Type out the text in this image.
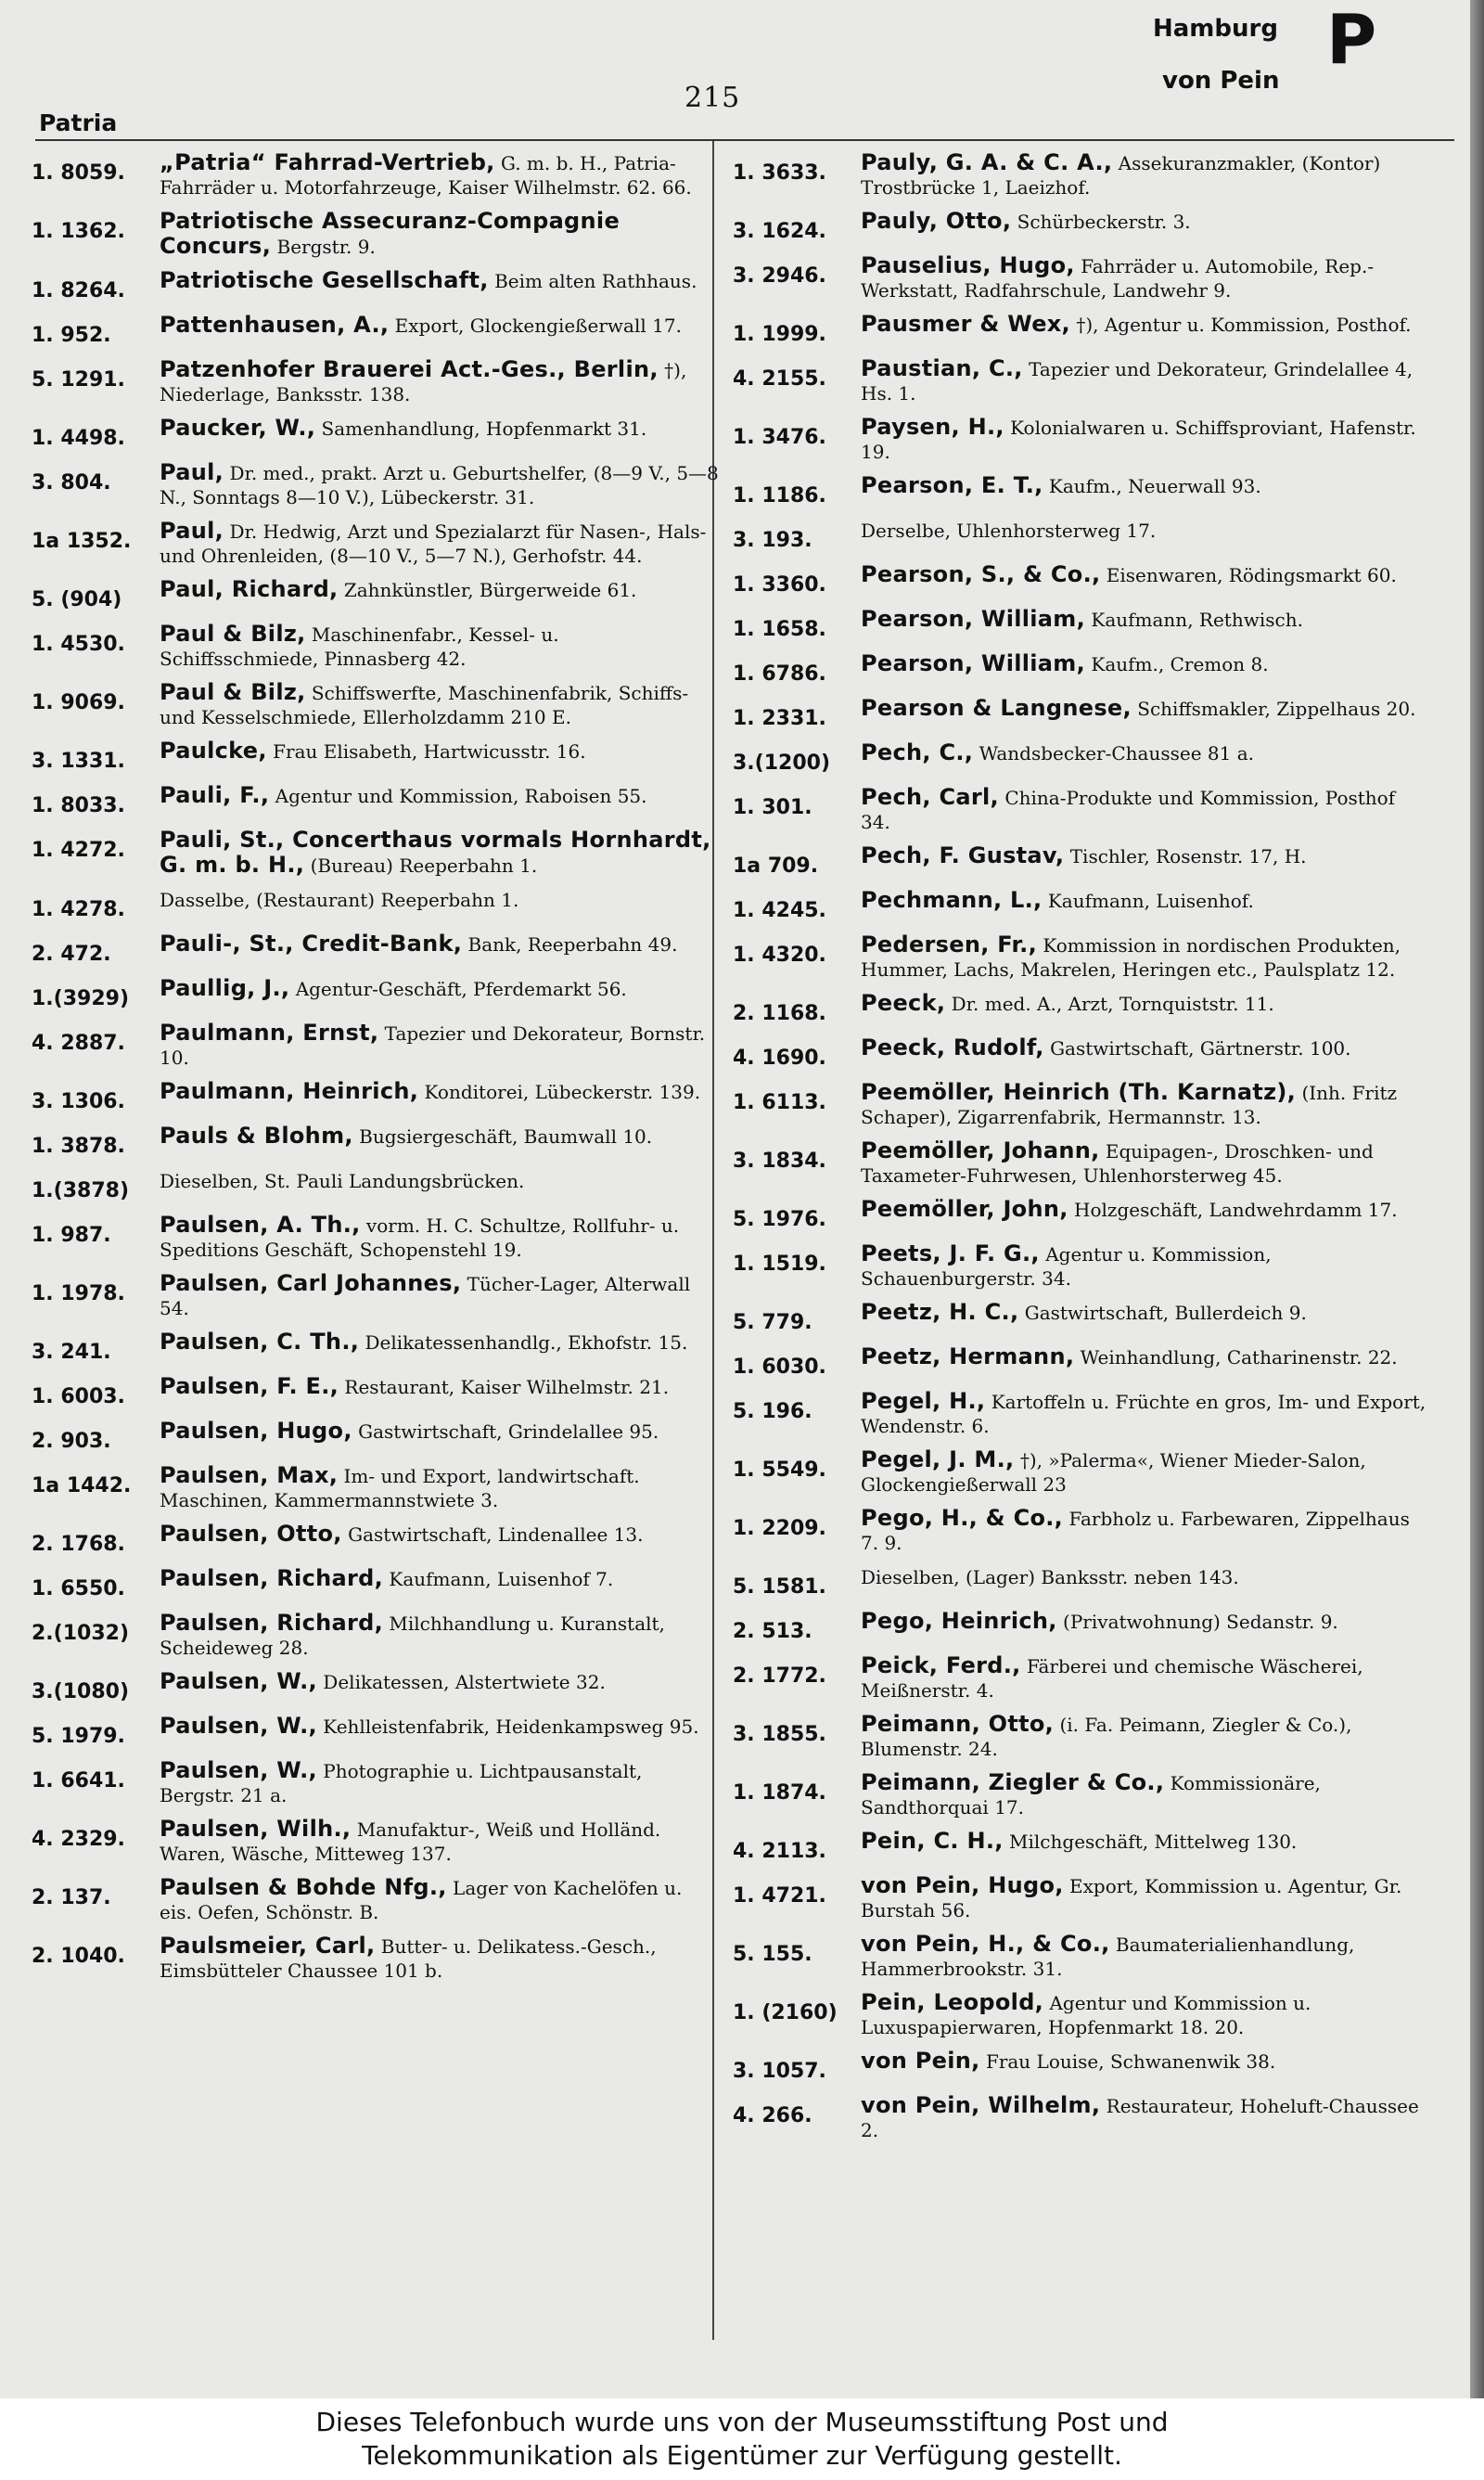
Patria
215
Hamburg
von Pein
P
1. 8059.	„Patria“ Fahrrad-Vertrieb, G. m. b. H., Patria-Fahrräder u. Motorfahrzeuge, Kaiser Wilhelmstr. 62. 66.
1. 1362.	Patriotische Assecuranz-Compagnie Concurs, Bergstr. 9.
1. 8264.	Patriotische Gesellschaft, Beim alten Rathhaus.
1. 952.	Pattenhausen, A., Export, Glockengießerwall 17.
5. 1291.	Patzenhofer Brauerei Act.-Ges., Berlin, †), Niederlage, Banksstr. 138.
1. 4498.	Paucker, W., Samenhandlung, Hopfenmarkt 31.
3. 804.	Paul, Dr. med., prakt. Arzt u. Geburtshelfer, (8—9 V., 5—8 N., Sonntags 8—10 V.), Lübeckerstr. 31.
1a 1352.	Paul, Dr. Hedwig, Arzt und Spezialarzt für Nasen-, Hals- und Ohrenleiden, (8—10 V., 5—7 N.), Gerhofstr. 44.
5. (904)	Paul, Richard, Zahnkünstler, Bürgerweide 61.
1. 4530.	Paul & Bilz, Maschinenfabr., Kessel- u. Schiffsschmiede, Pinnasberg 42.
1. 9069.	Paul & Bilz, Schiffswerfte, Maschinenfabrik, Schiffs- und Kesselschmiede, Ellerholzdamm 210 E.
3. 1331.	Paulcke, Frau Elisabeth, Hartwicusstr. 16.
1. 8033.	Pauli, F., Agentur und Kommission, Raboisen 55.
1. 4272.	Pauli, St., Concerthaus vormals Hornhardt, G. m. b. H., (Bureau) Reeperbahn 1.
1. 4278.	Dasselbe, (Restaurant) Reeperbahn 1.
2. 472.	Pauli-, St., Credit-Bank, Bank, Reeperbahn 49.
1.(3929)	Paullig, J., Agentur-Geschäft, Pferdemarkt 56.
4. 2887.	Paulmann, Ernst, Tapezier und Dekorateur, Bornstr. 10.
3. 1306.	Paulmann, Heinrich, Konditorei, Lübeckerstr. 139.
1. 3878.	Pauls & Blohm, Bugsiergeschäft, Baumwall 10.
1.(3878)	Dieselben, St. Pauli Landungsbrücken.
1. 987.	Paulsen, A. Th., vorm. H. C. Schultze, Rollfuhr- u. Speditions Geschäft, Schopenstehl 19.
1. 1978.	Paulsen, Carl Johannes, Tücher-Lager, Alterwall 54.
3. 241.	Paulsen, C. Th., Delikatessenhandlg., Ekhofstr. 15.
1. 6003.	Paulsen, F. E., Restaurant, Kaiser Wilhelmstr. 21.
2. 903.	Paulsen, Hugo, Gastwirtschaft, Grindelallee 95.
1a 1442.	Paulsen, Max, Im- und Export, landwirtschaft. Maschinen, Kammermannstwiete 3.
2. 1768.	Paulsen, Otto, Gastwirtschaft, Lindenallee 13.
1. 6550.	Paulsen, Richard, Kaufmann, Luisenhof 7.
2.(1032)	Paulsen, Richard, Milchhandlung u. Kuranstalt, Scheideweg 28.
3.(1080)	Paulsen, W., Delikatessen, Alstertwiete 32.
5. 1979.	Paulsen, W., Kehlleistenfabrik, Heidenkampsweg 95.
1. 6641.	Paulsen, W., Photographie u. Lichtpausanstalt, Bergstr. 21 a.
4. 2329.	Paulsen, Wilh., Manufaktur-, Weiß und Holländ. Waren, Wäsche, Mitteweg 137.
2. 137.	Paulsen & Bohde Nfg., Lager von Kachelöfen u. eis. Oefen, Schönstr. B.
2. 1040.	Paulsmeier, Carl, Butter- u. Delikatess.-Gesch., Eimsbütteler Chaussee 101 b.
1. 3633.	Pauly, G. A. & C. A., Assekuranzmakler, (Kontor) Trostbrücke 1, Laeizhof.
3. 1624.	Pauly, Otto, Schürbeckerstr. 3.
3. 2946.	Pauselius, Hugo, Fahrräder u. Automobile, Rep.-Werkstatt, Radfahrschule, Landwehr 9.
1. 1999.	Pausmer & Wex, †), Agentur u. Kommission, Posthof.
4. 2155.	Paustian, C., Tapezier und Dekorateur, Grindelallee 4, Hs. 1.
1. 3476.	Paysen, H., Kolonialwaren u. Schiffsproviant, Hafenstr. 19.
1. 1186.	Pearson, E. T., Kaufm., Neuerwall 93.
3. 193.	Derselbe, Uhlenhorsterweg 17.
1. 3360.	Pearson, S., & Co., Eisenwaren, Rödingsmarkt 60.
1. 1658.	Pearson, William, Kaufmann, Rethwisch.
1. 6786.	Pearson, William, Kaufm., Cremon 8.
1. 2331.	Pearson & Langnese, Schiffsmakler, Zippelhaus 20.
3.(1200)	Pech, C., Wandsbecker-Chaussee 81 a.
1. 301.	Pech, Carl, China-Produkte und Kommission, Posthof 34.
1a 709.	Pech, F. Gustav, Tischler, Rosenstr. 17, H.
1. 4245.	Pechmann, L., Kaufmann, Luisenhof.
1. 4320.	Pedersen, Fr., Kommission in nordischen Produkten, Hummer, Lachs, Makrelen, Heringen etc., Paulsplatz 12.
2. 1168.	Peeck, Dr. med. A., Arzt, Tornquiststr. 11.
4. 1690.	Peeck, Rudolf, Gastwirtschaft, Gärtnerstr. 100.
1. 6113.	Peemöller, Heinrich (Th. Karnatz), (Inh. Fritz Schaper), Zigarrenfabrik, Hermannstr. 13.
3. 1834.	Peemöller, Johann, Equipagen-, Droschken- und Taxameter-Fuhrwesen, Uhlenhorsterweg 45.
5. 1976.	Peemöller, John, Holzgeschäft, Landwehrdamm 17.
1. 1519.	Peets, J. F. G., Agentur u. Kommission, Schauenburgerstr. 34.
5. 779.	Peetz, H. C., Gastwirtschaft, Bullerdeich 9.
1. 6030.	Peetz, Hermann, Weinhandlung, Catharinenstr. 22.
5. 196.	Pegel, H., Kartoffeln u. Früchte en gros, Im- und Export, Wendenstr. 6.
1. 5549.	Pegel, J. M., †), »Palerma«, Wiener Mieder-Salon, Glockengießerwall 23
1. 2209.	Pego, H., & Co., Farbholz u. Farbewaren, Zippelhaus 7. 9.
5. 1581.	Dieselben, (Lager) Banksstr. neben 143.
2. 513.	Pego, Heinrich, (Privatwohnung) Sedanstr. 9.
2. 1772.	Peick, Ferd., Färberei und chemische Wäscherei, Meißnerstr. 4.
3. 1855.	Peimann, Otto, (i. Fa. Peimann, Ziegler & Co.), Blumenstr. 24.
1. 1874.	Peimann, Ziegler & Co., Kommissionäre, Sandthorquai 17.
4. 2113.	Pein, C. H., Milchgeschäft, Mittelweg 130.
1. 4721.	von Pein, Hugo, Export, Kommission u. Agentur, Gr. Burstah 56.
5. 155.	von Pein, H., & Co., Baumaterialienhandlung, Hammerbrookstr. 31.
1. (2160)	Pein, Leopold, Agentur und Kommission u. Luxuspapierwaren, Hopfenmarkt 18. 20.
3. 1057.	von Pein, Frau Louise, Schwanenwik 38.
4. 266.	von Pein, Wilhelm, Restaurateur, Hoheluft-Chaussee 2.
Dieses Telefonbuch wurde uns von der Museumsstiftung Post und
Telekommunikation als Eigentümer zur Verfügung gestellt.
